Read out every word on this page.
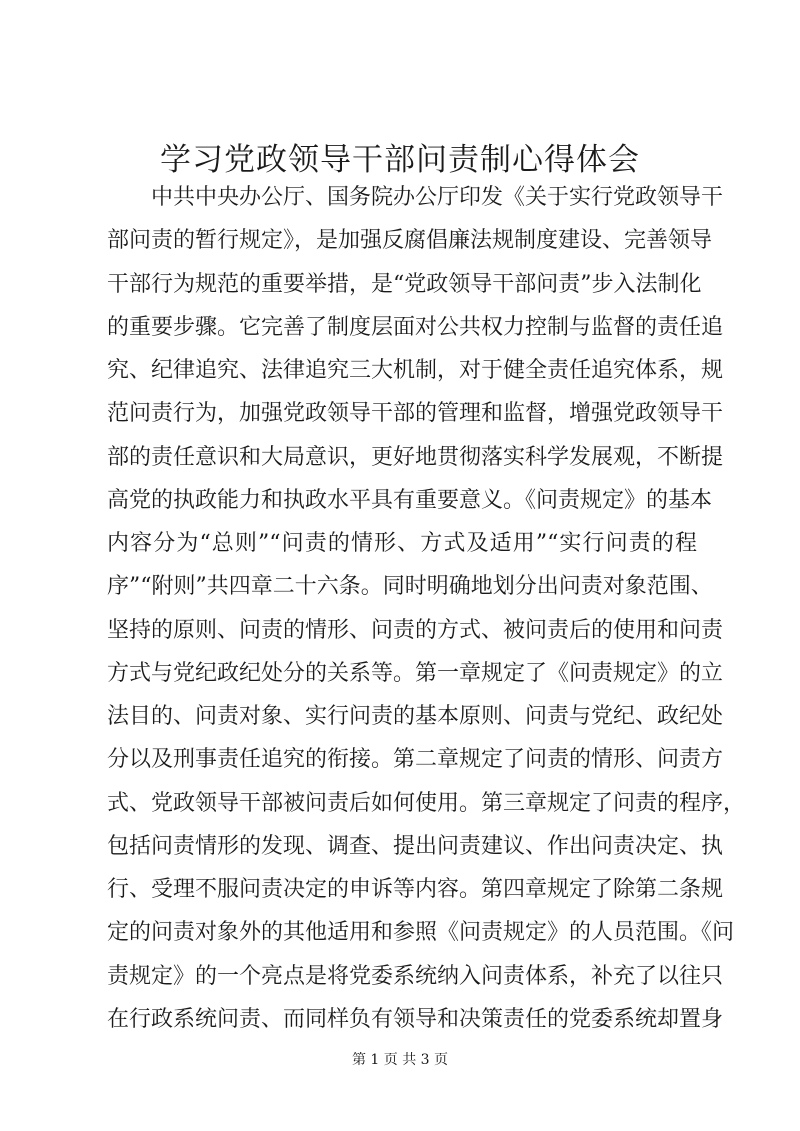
学习党政领导干部问责制心得体会
中共中央办公厅、国务院办公厅印发《关于实行党政领导干
部问责的暂行规定》，是加强反腐倡廉法规制度建设、完善领导
干部行为规范的重要举措，是“党政领导干部问责”步入法制化
的重要步骤。它完善了制度层面对公共权力控制与监督的责任追
究、纪律追究、法律追究三大机制，对于健全责任追究体系，规
范问责行为，加强党政领导干部的管理和监督，增强党政领导干
部的责任意识和大局意识，更好地贯彻落实科学发展观，不断提
高党的执政能力和执政水平具有重要意义。《问责规定》的基本
内容分为“总则”“问责的情形、方式及适用”“实行问责的程
序”“附则”共四章二十六条。同时明确地划分出问责对象范围、
坚持的原则、问责的情形、问责的方式、被问责后的使用和问责
方式与党纪政纪处分的关系等。第一章规定了《问责规定》的立
法目的、问责对象、实行问责的基本原则、问责与党纪、政纪处
分以及刑事责任追究的衔接。第二章规定了问责的情形、问责方
式、党政领导干部被问责后如何使用。第三章规定了问责的程序，
包括问责情形的发现、调查、提出问责建议、作出问责决定、执
行、受理不服问责决定的申诉等内容。第四章规定了除第二条规
定的问责对象外的其他适用和参照《问责规定》的人员范围。《问
责规定》的一个亮点是将党委系统纳入问责体系，补充了以往只
在行政系统问责、而同样负有领导和决策责任的党委系统却置身
第 1 页 共 3 页
